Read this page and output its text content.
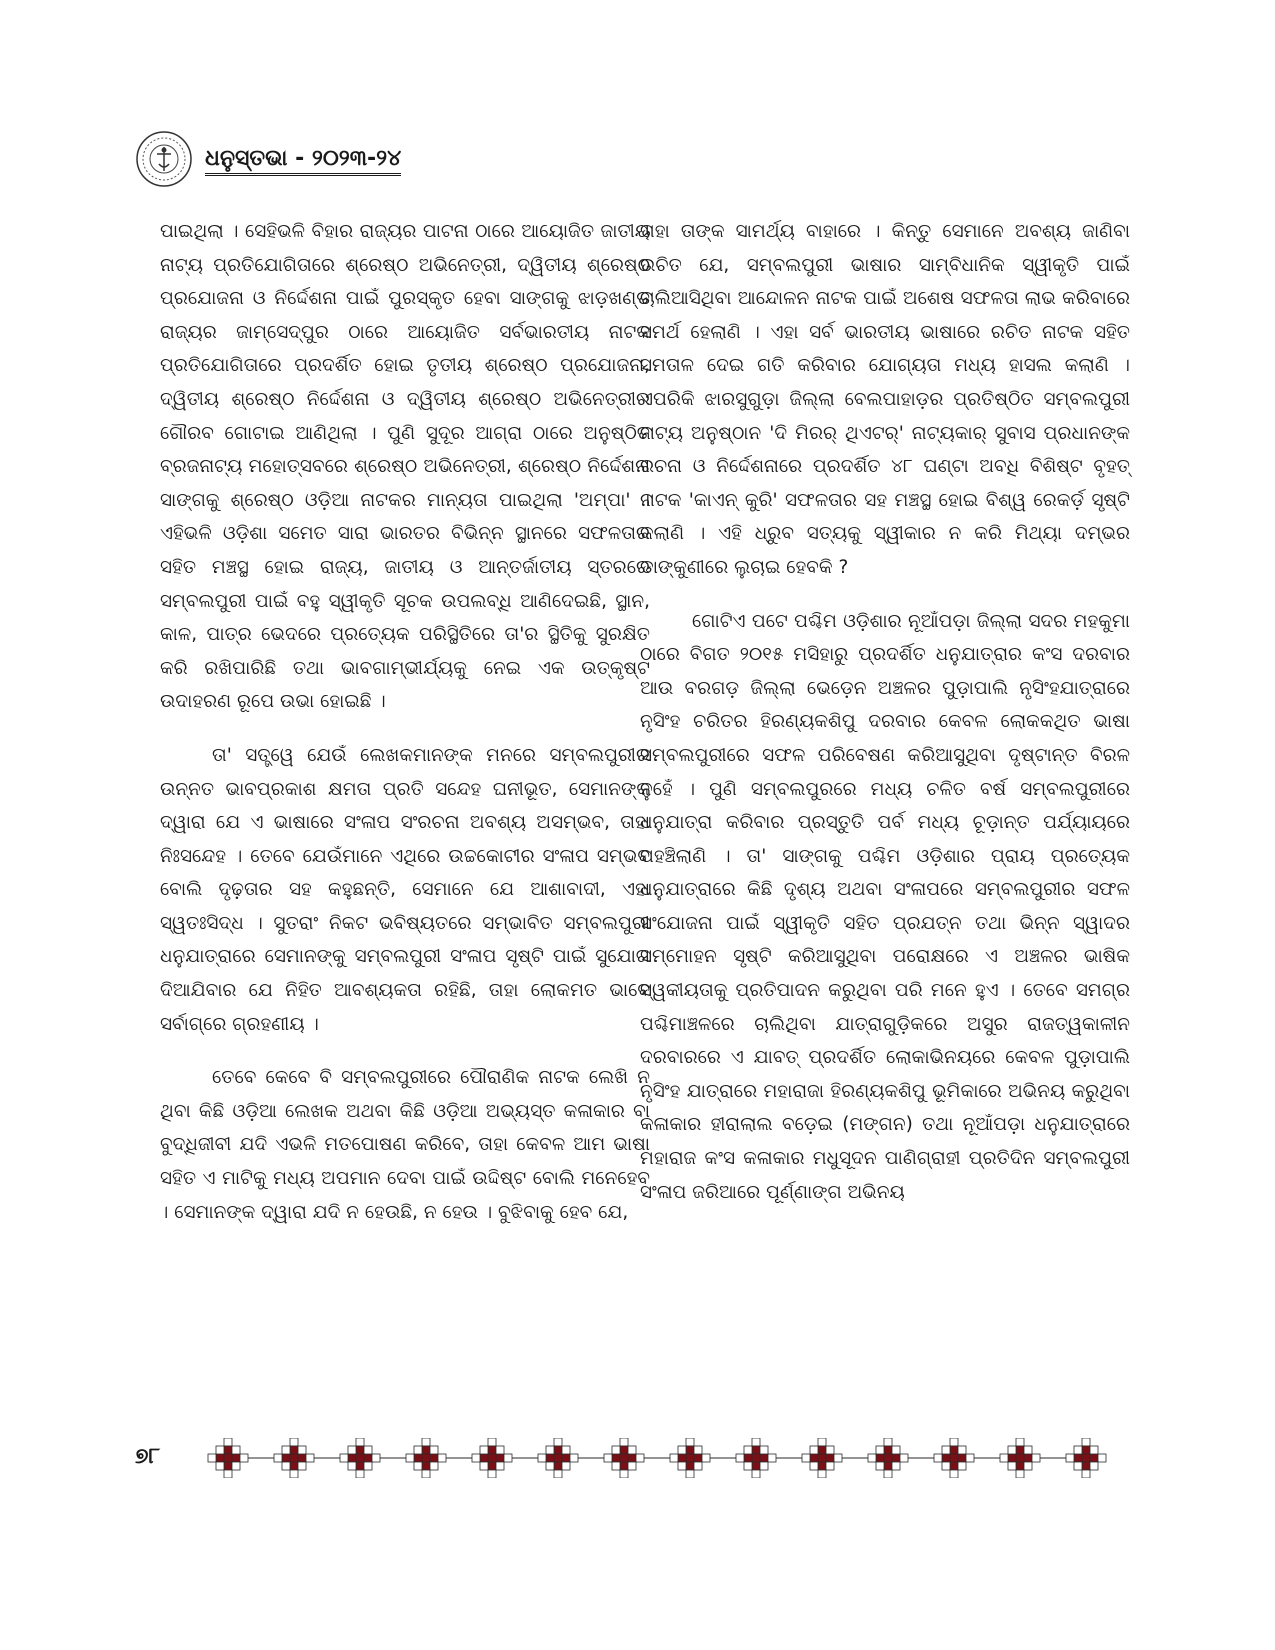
ଧନୁସ୍ତଭା - ୨୦୨୩-୨୪

ପାଇଥିଲା । ସେହିଭଳି ବିହାର ରାଜ୍ୟର ପାଟନା ଠାରେ ଆୟୋଜିତ ଜାତୀୟ ନାଟ୍ୟ ପ୍ରତିଯୋଗିତାରେ ଶ୍ରେଷ୍ଠ ଅଭିନେତ୍ରୀ, ଦ୍ୱିତୀୟ ଶ୍ରେଷ୍ଠ ପ୍ରଯୋଜନା ଓ ନିର୍ଦ୍ଦେଶନା ପାଇଁ ପୁରସ୍କୃତ ହେବା ସାଙ୍ଗକୁ ଝାଡ଼ଖଣ୍ଡ ରାଜ୍ୟର ଜାମ୍‌ସେଦ୍‌ପୁର ଠାରେ ଆୟୋଜିତ ସର୍ବଭାରତୀୟ ନାଟକ ପ୍ରତିଯୋଗିତାରେ ପ୍ରଦର୍ଶିତ ହୋଇ ତୃତୀୟ ଶ୍ରେଷ୍ଠ ପ୍ରଯୋଜନା, ଦ୍ୱିତୀୟ ଶ୍ରେଷ୍ଠ ନିର୍ଦ୍ଦେଶନା ଓ ଦ୍ୱିତୀୟ ଶ୍ରେଷ୍ଠ ଅଭିନେତ୍ରୀର ଗୌରବ ଗୋଟାଇ ଆଣିଥିଲା । ପୁଣି ସୁଦୂର ଆଗ୍ରା ଠାରେ ଅନୁଷ୍ଠିତ ବ୍ରଜନାଟ୍ୟ ମହୋତ୍ସବରେ ଶ୍ରେଷ୍ଠ ଅଭିନେତ୍ରୀ, ଶ୍ରେଷ୍ଠ ନିର୍ଦ୍ଦେଶନା ସାଙ୍ଗକୁ ଶ୍ରେଷ୍ଠ ଓଡ଼ିଆ ନାଟକର ମାନ୍ୟତା ପାଇଥିଲା 'ଅମ୍ପା' । ଏହିଭଳି ଓଡ଼ିଶା ସମେତ ସାରା ଭାରତର ବିଭିନ୍ନ ସ୍ଥାନରେ ସଫଳତାର ସହିତ ମଞ୍ଚସ୍ଥ ହୋଇ ରାଜ୍ୟ, ଜାତୀୟ ଓ ଆନ୍ତର୍ଜାତୀୟ ସ୍ତରରେ ସମ୍ବଲପୁରୀ ପାଇଁ ବହୁ ସ୍ୱୀକୃତି ସୂଚକ ଉପଲବ୍ଧି ଆଣିଦେଇଛି, ସ୍ଥାନ, କାଳ, ପାତ୍ର ଭେଦରେ ପ୍ରତ୍ୟେକ ପରିସ୍ଥିତିରେ ତା'ର ସ୍ଥିତିକୁ ସୁରକ୍ଷିତ କରି ରଖିପାରିଛି ତଥା ଭାବଗାମ୍ଭୀର୍ଯ୍ୟକୁ ନେଇ ଏକ ଉତ୍କୃଷ୍ଟ ଉଦାହରଣ ରୂପେ ଉଭା ହୋଇଛି ।

ତା' ସତ୍ତ୍ୱେ ଯେଉଁ ଲେଖକମାନଙ୍କ ମନରେ ସମ୍ବଲପୁରୀର ଉନ୍ନତ ଭାବପ୍ରକାଶ କ୍ଷମତା ପ୍ରତି ସନ୍ଦେହ ଘନୀଭୂତ, ସେମାନଙ୍କ ଦ୍ୱାରା ଯେ ଏ ଭାଷାରେ ସଂଳାପ ସଂରଚନା ଅବଶ୍ୟ ଅସମ୍ଭବ, ତାହା ନିଃସନ୍ଦେହ । ତେବେ ଯେଉଁମାନେ ଏଥିରେ ଉଚ୍ଚକୋଟୀର ସଂଳାପ ସମ୍ଭବ ବୋଲି ଦୃଢ଼ତାର ସହ କହୁଛନ୍ତି, ସେମାନେ ଯେ ଆଶାବାଦୀ, ଏହା ସ୍ୱତଃସିଦ୍ଧ । ସୁତରାଂ ନିକଟ ଭବିଷ୍ୟତରେ ସମ୍ଭାବିତ ସମ୍ବଲପୁରୀ ଧନୁଯାତ୍ରାରେ ସେମାନଙ୍କୁ ସମ୍ବଲପୁରୀ ସଂଳାପ ସୃଷ୍ଟି ପାଇଁ ସୁଯୋଗ ଦିଆଯିବାର ଯେ ନିହିତ ଆବଶ୍ୟକତା ରହିଛି, ତାହା ଲୋକମତ ଭାବେ ସର୍ବାଗ୍ରେ ଗ୍ରହଣୀୟ ।

ତେବେ କେବେ ବି ସମ୍ବଲପୁରୀରେ ପୌରାଣିକ ନାଟକ ଲେଖି ନ ଥିବା କିଛି ଓଡ଼ିଆ ଲେଖକ ଅଥବା କିଛି ଓଡ଼ିଆ ଅଭ୍ୟସ୍ତ କଳାକାର ବା ବୁଦ୍ଧିଜୀବୀ ଯଦି ଏଭଳି ମତପୋଷଣ କରିବେ, ତାହା କେବଳ ଆମ ଭାଷା ସହିତ ଏ ମାଟିକୁ ମଧ୍ୟ ଅପମାନ ଦେବା ପାଇଁ ଉଦ୍ଦିଷ୍ଟ ବୋଲି ମନେହେବ । ସେମାନଙ୍କ ଦ୍ୱାରା ଯଦି ନ ହେଉଛି, ନ ହେଉ । ବୁଝିବାକୁ ହେବ ଯେ,

ତାହା ତାଙ୍କ ସାମର୍ଥ୍ୟ ବାହାରେ । କିନ୍ତୁ ସେମାନେ ଅବଶ୍ୟ ଜାଣିବା ଉଚିତ ଯେ, ସମ୍ବଲପୁରୀ ଭାଷାର ସାମ୍ବିଧାନିକ ସ୍ୱୀକୃତି ପାଇଁ ଚାଲିଆସିଥିବା ଆନ୍ଦୋଳନ ନାଟକ ପାଇଁ ଅଶେଷ ସଫଳତା ଲାଭ କରିବାରେ ସମର୍ଥ ହେଲାଣି । ଏହା ସର୍ବ ଭାରତୀୟ ଭାଷାରେ ରଚିତ ନାଟକ ସହିତ ସମତାଳ ଦେଇ ଗତି କରିବାର ଯୋଗ୍ୟତା ମଧ୍ୟ ହାସଲ କଲାଣି । ଏପରିକି ଝାରସୁଗୁଡ଼ା ଜିଲ୍ଲା ବେଲପାହାଡ଼ର ପ୍ରତିଷ୍ଠିତ ସମ୍ବଲପୁରୀ ନାଟ୍ୟ ଅନୁଷ୍ଠାନ 'ଦି ମିରର୍ ଥିଏଟର୍' ନାଟ୍ୟକାର୍ ସୁବାସ ପ୍ରଧାନଙ୍କ ରଚନା ଓ ନିର୍ଦ୍ଦେଶନାରେ ପ୍ରଦର୍ଶିତ ୪୮ ଘଣ୍ଟା ଅବଧି ବିଶିଷ୍ଟ ବୃହତ୍ ନାଟକ 'କାଏନ୍ କୁରି' ସଫଳତାର ସହ ମଞ୍ଚସ୍ଥ ହୋଇ ବିଶ୍ୱ ରେକର୍ଡ଼ ସୃଷ୍ଟି କଲାଣି । ଏହି ଧ୍ରୁବ ସତ୍ୟକୁ ସ୍ୱୀକାର ନ କରି ମିଥ୍ୟା ଦମ୍ଭର ଡାଙ୍କୁଣୀରେ ଲୁଚାଇ ହେବକି ?

ଗୋଟିଏ ପଟେ ପଶ୍ଚିମ ଓଡ଼ିଶାର ନୂଆଁପଡ଼ା ଜିଲ୍ଲା ସଦର ମହକୁମା ଠାରେ ବିଗତ ୨୦୧୫ ମସିହାରୁ ପ୍ରଦର୍ଶିତ ଧନୁଯାତ୍ରାର କଂସ ଦରବାର ଆଉ ବରଗଡ଼ ଜିଲ୍ଲା ଭେଡ଼େନ ଅଞ୍ଚଳର ପୁଡ଼ାପାଲି ନୃସିଂହଯାତ୍ରାରେ ନୃସିଂହ ଚରିତର ହିରଣ୍ୟକଶିପୁ ଦରବାର କେବଳ ଲୋକକଥିତ ଭାଷା ସମ୍ବଲପୁରୀରେ ସଫଳ ପରିବେଷଣ କରିଆସୁଥିବା ଦୃଷ୍ଟାନ୍ତ ବିରଳ ନୁହେଁ । ପୁଣି ସମ୍ବଲପୁରରେ ମଧ୍ୟ ଚଳିତ ବର୍ଷ ସମ୍ବଲପୁରୀରେ ଧନୁଯାତ୍ରା କରିବାର ପ୍ରସ୍ତୁତି ପର୍ବ ମଧ୍ୟ ଚୂଡ଼ାନ୍ତ ପର୍ଯ୍ୟାୟରେ ପହଞ୍ଚିଲାଣି । ତା' ସାଙ୍ଗକୁ ପଶ୍ଚିମ ଓଡ଼ିଶାର ପ୍ରାୟ ପ୍ରତ୍ୟେକ ଧନୁଯାତ୍ରାରେ କିଛି ଦୃଶ୍ୟ ଅଥବା ସଂଳାପରେ ସମ୍ବଲପୁରୀର ସଫଳ ସଂଯୋଜନା ପାଇଁ ସ୍ୱୀକୃତି ସହିତ ପ୍ରଯତ୍ନ ତଥା ଭିନ୍ନ ସ୍ୱାଦର ସମ୍ମୋହନ ସୃଷ୍ଟି କରିଆସୁଥିବା ପରୋକ୍ଷରେ ଏ ଅଞ୍ଚଳର ଭାଷିକ ସ୍ୱକୀୟତାକୁ ପ୍ରତିପାଦନ କରୁଥିବା ପରି ମନେ ହୁଏ । ତେବେ ସମଗ୍ର ପଶ୍ଚିମାଞ୍ଚଳରେ ଚାଲିଥିବା ଯାତ୍ରାଗୁଡ଼ିକରେ ଅସୁର ରାଜତ୍ୱକାଳୀନ ଦରବାରରେ ଏ ଯାବତ୍ ପ୍ରଦର୍ଶିତ ଲୋକାଭିନୟରେ କେବଳ ପୁଡ଼ାପାଲି ନୃସିଂହ ଯାତ୍ରାରେ ମହାରାଜା ହିରଣ୍ୟକଶିପୁ ଭୂମିକାରେ ଅଭିନୟ କରୁଥିବା କଳାକାର ହୀରାଲାଲ ବଡ଼େଇ (ମଙ୍ଗନ) ତଥା ନୂଆଁପଡ଼ା ଧନୁଯାତ୍ରାରେ ମହାରାଜ କଂସ କଳାକାର ମଧୁସୂଦନ ପାଣିଗ୍ରାହୀ ପ୍ରତିଦିନ ସମ୍ବଲପୁରୀ ସଂଳାପ ଜରିଆରେ ପୂର୍ଣ୍ଣାଙ୍ଗ ଅଭିନୟ

୭୮
